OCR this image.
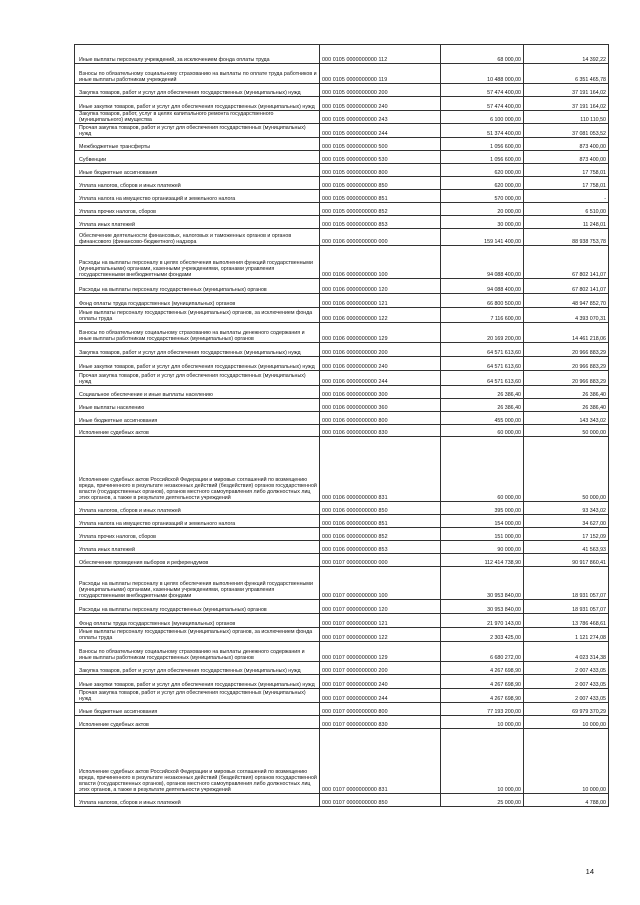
Иные выплаты персоналу учреждений, за исключением фонда оплаты труда	000 0105 0000000000 112	68 000,00	14 392,22
Взносы по обязательному социальному страхованию на выплаты по оплате труда работников и иные выплаты работникам учреждений	000 0105 0000000000 119	10 488 000,00	6 351 465,78
Закупка товаров, работ и услуг для обеспечения государственных (муниципальных) нужд	000 0105 0000000000 200	57 474 400,00	37 191 164,02
Иные закупки товаров, работ и услуг для обеспечения государственных (муниципальных) нужд	000 0105 0000000000 240	57 474 400,00	37 191 164,02
Закупка товаров, работ, услуг в целях капитального ремонта государственного (муниципального) имущества	000 0105 0000000000 243	6 100 000,00	110 110,50
Прочая закупка товаров, работ и услуг для обеспечения государственных (муниципальных) нужд	000 0105 0000000000 244	51 374 400,00	37 081 053,52
Межбюджетные трансферты	000 0105 0000000000 500	1 056 600,00	873 400,00
Субвенции	000 0105 0000000000 530	1 056 600,00	873 400,00
Иные бюджетные ассигнования	000 0105 0000000000 800	620 000,00	17 758,01
Уплата налогов, сборов и иных платежей	000 0105 0000000000 850	620 000,00	17 758,01
Уплата налога на имущество организаций и земельного налога	000 0105 0000000000 851	570 000,00	-
Уплата прочих налогов, сборов	000 0105 0000000000 852	20 000,00	6 510,00
Уплата иных платежей	000 0105 0000000000 853	30 000,00	11 248,01
Обеспечение деятельности финансовых, налоговых и таможенных органов и органов финансового (финансово-бюджетного) надзора	000 0106 0000000000 000	159 141 400,00	88 938 753,78
Расходы на выплаты персоналу в целях обеспечения выполнения функций государственными (муниципальными) органами, казенными учреждениями, органами управления государственными внебюджетными фондами	000 0106 0000000000 100	94 088 400,00	67 802 141,07
Расходы на выплаты персоналу государственных (муниципальных) органов	000 0106 0000000000 120	94 088 400,00	67 802 141,07
Фонд оплаты труда государственных (муниципальных) органов	000 0106 0000000000 121	66 800 500,00	48 947 852,70
Иные выплаты персоналу государственных (муниципальных) органов, за исключением фонда оплаты труда	000 0106 0000000000 122	7 116 600,00	4 393 070,31
Взносы по обязательному социальному страхованию на выплаты денежного содержания и иные выплаты работникам государственных (муниципальных) органов	000 0106 0000000000 129	20 169 200,00	14 461 218,06
Закупка товаров, работ и услуг для обеспечения государственных (муниципальных) нужд	000 0106 0000000000 200	64 571 613,60	20 966 883,29
Иные закупки товаров, работ и услуг для обеспечения государственных (муниципальных) нужд	000 0106 0000000000 240	64 571 613,60	20 966 883,29
Прочая закупка товаров, работ и услуг для обеспечения государственных (муниципальных) нужд	000 0106 0000000000 244	64 571 613,60	20 966 883,29
Социальное обеспечение и иные выплаты населению	000 0106 0000000000 300	26 386,40	26 386,40
Иные выплаты населению	000 0106 0000000000 360	26 386,40	26 386,40
Иные бюджетные ассигнования	000 0106 0000000000 800	455 000,00	143 343,02
Исполнение судебных актов	000 0106 0000000000 830	60 000,00	50 000,00
Исполнение судебных актов Российской Федерации и мировых соглашений по возмещению вреда, причиненного в результате незаконных действий (бездействия) органов государственной власти (государственных органов), органов местного самоуправления либо должностных лиц этих органов, а также в результате деятельности учреждений	000 0106 0000000000 831	60 000,00	50 000,00
Уплата налогов, сборов и иных платежей	000 0106 0000000000 850	395 000,00	93 343,02
Уплата налога на имущество организаций и земельного налога	000 0106 0000000000 851	154 000,00	34 627,00
Уплата прочих налогов, сборов	000 0106 0000000000 852	151 000,00	17 152,09
Уплата иных платежей	000 0106 0000000000 853	90 000,00	41 563,93
Обеспечение проведения выборов и референдумов	000 0107 0000000000 000	112 414 738,90	90 917 860,41
Расходы на выплаты персоналу в целях обеспечения выполнения функций государственными (муниципальными) органами, казенными учреждениями, органами управления государственными внебюджетными фондами	000 0107 0000000000 100	30 953 840,00	18 931 057,07
Расходы на выплаты персоналу государственных (муниципальных) органов	000 0107 0000000000 120	30 953 840,00	18 931 057,07
Фонд оплаты труда государственных (муниципальных) органов	000 0107 0000000000 121	21 970 143,00	13 786 468,61
Иные выплаты персоналу государственных (муниципальных) органов, за исключением фонда оплаты труда	000 0107 0000000000 122	2 303 425,00	1 121 274,08
Взносы по обязательному социальному страхованию на выплаты денежного содержания и иные выплаты работникам государственных (муниципальных) органов	000 0107 0000000000 129	6 680 272,00	4 023 314,38
Закупка товаров, работ и услуг для обеспечения государственных (муниципальных) нужд	000 0107 0000000000 200	4 267 698,90	2 007 433,05
Иные закупки товаров, работ и услуг для обеспечения государственных (муниципальных) нужд	000 0107 0000000000 240	4 267 698,90	2 007 433,05
Прочая закупка товаров, работ и услуг для обеспечения государственных (муниципальных) нужд	000 0107 0000000000 244	4 267 698,90	2 007 433,05
Иные бюджетные ассигнования	000 0107 0000000000 800	77 193 200,00	69 979 370,29
Исполнение судебных актов	000 0107 0000000000 830	10 000,00	10 000,00
Исполнение судебных актов Российской Федерации и мировых соглашений по возмещению вреда, причиненного в результате незаконных действий (бездействия) органов государственной власти (государственных органов), органов местного самоуправления либо должностных лиц этих органов, а также в результате деятельности учреждений	000 0107 0000000000 831	10 000,00	10 000,00
Уплата налогов, сборов и иных платежей	000 0107 0000000000 850	25 000,00	4 788,00
14
